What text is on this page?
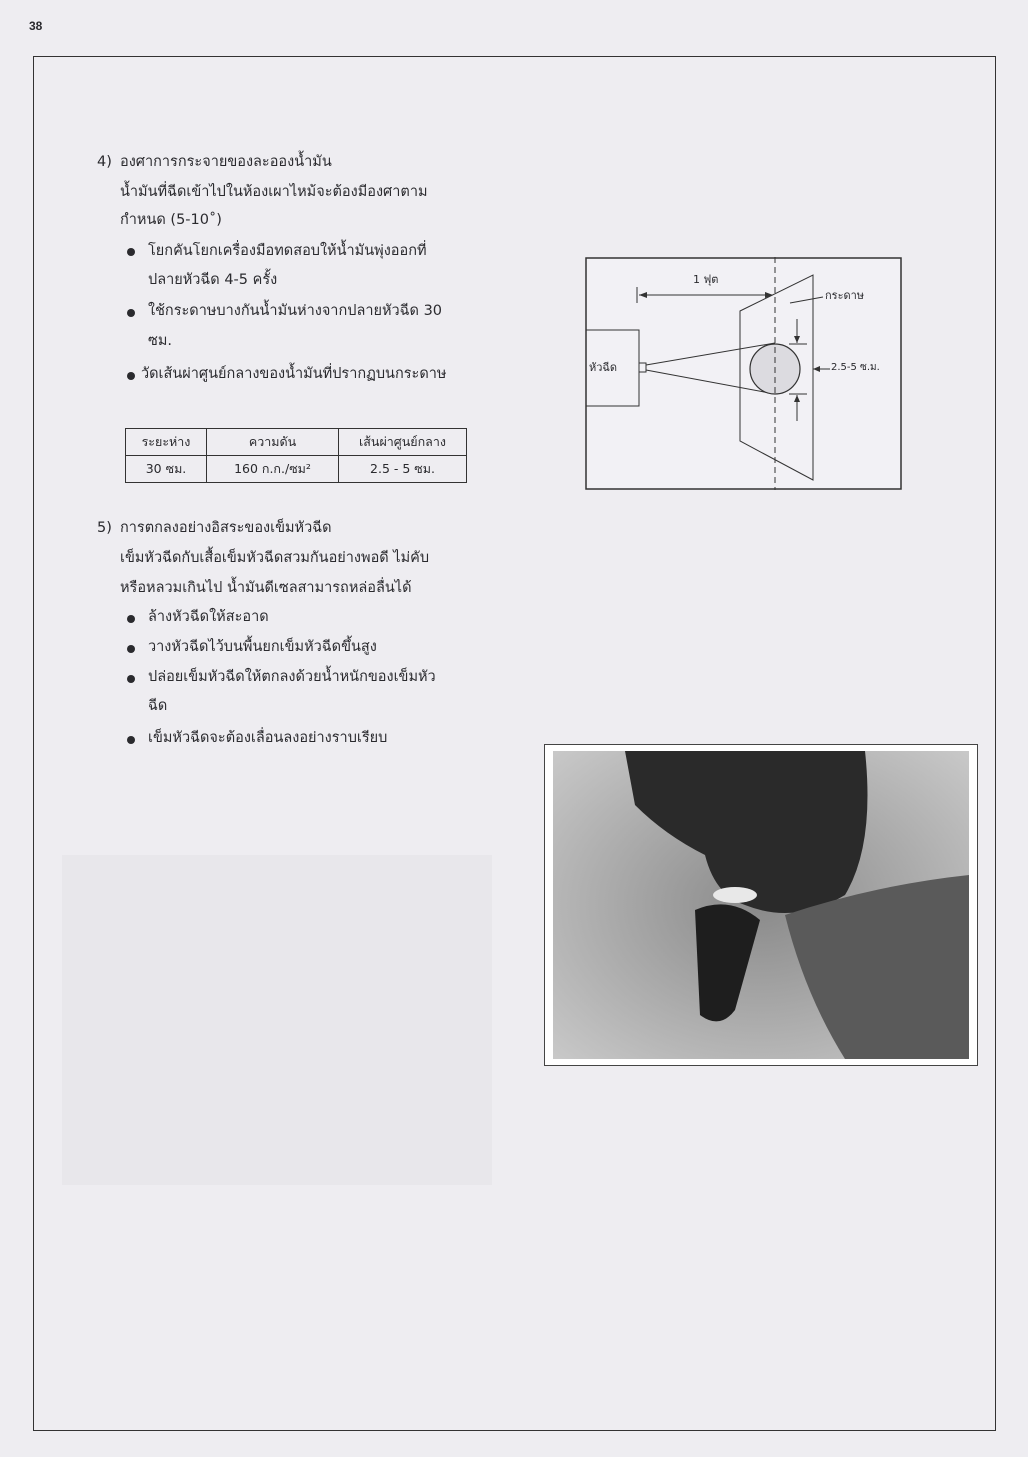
38
4) องศาการกระจายของละอองน้ำมัน
น้ำมันที่ฉีดเข้าไปในห้องเผาไหม้จะต้องมีองศาตาม
กำหนด (5-10˚)
โยกคันโยกเครื่องมือทดสอบให้น้ำมันพุ่งออกที่
ปลายหัวฉีด 4-5 ครั้ง
ใช้กระดาษบางกันน้ำมันห่างจากปลายหัวฉีด 30
ซม.
วัดเส้นผ่าศูนย์กลางของน้ำมันที่ปรากฏบนกระดาษ
ระยะห่าง	ความดัน	เส้นผ่าศูนย์กลาง
30 ซม.	160 ก.ก./ซม²	2.5 - 5 ซม.
หัวฉีด
1 ฟุต
กระดาษ
2.5-5 ซ.ม.
5) การตกลงอย่างอิสระของเข็มหัวฉีด
เข็มหัวฉีดกับเสื้อเข็มหัวฉีดสวมกันอย่างพอดี ไม่คับ
หรือหลวมเกินไป น้ำมันดีเซลสามารถหล่อลื่นได้
ล้างหัวฉีดให้สะอาด
วางหัวฉีดไว้บนพื้นยกเข็มหัวฉีดขึ้นสูง
ปล่อยเข็มหัวฉีดให้ตกลงด้วยน้ำหนักของเข็มหัว
ฉีด
เข็มหัวฉีดจะต้องเลื่อนลงอย่างราบเรียบ
